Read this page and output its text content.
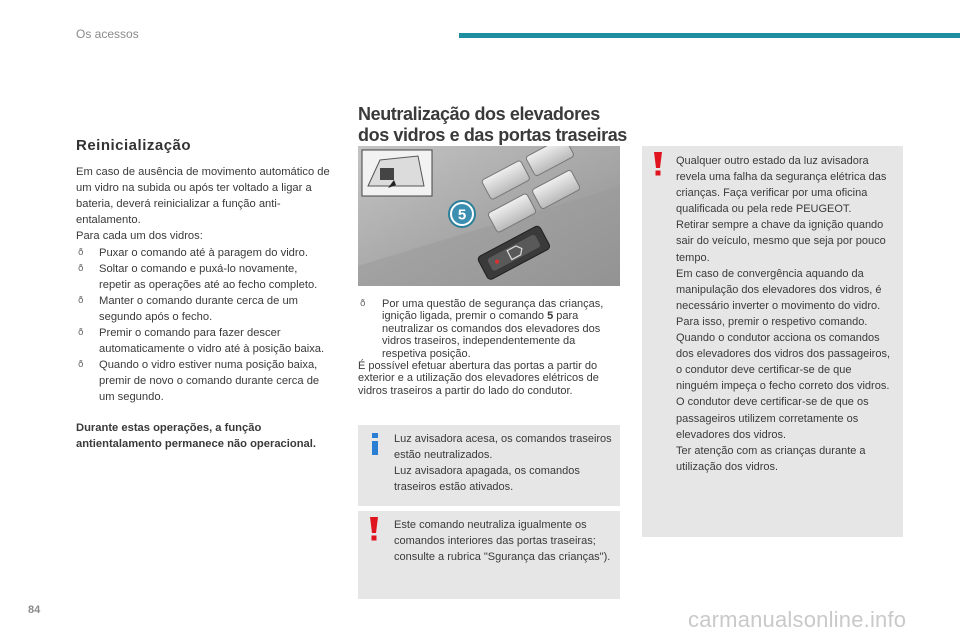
Os acessos
Reinicialização

Em caso de ausência de movimento automático de um vidro na subida ou após ter voltado a ligar a bateria, deverá reinicializar a função anti-entalamento.

Para cada um dos vidros:

ð Puxar o comando até à paragem do vidro.
ð Soltar o comando e puxá-lo novamente, repetir as operações até ao fecho completo.
ð Manter o comando durante cerca de um segundo após o fecho.
ð Premir o comando para fazer descer automaticamente o vidro até à posição baixa.
ð Quando o vidro estiver numa posição baixa, premir de novo o comando durante cerca de um segundo.

Durante estas operações, a função antientalamento permanece não operacional.

Neutralização dos elevadores
dos vidros e das portas traseiras
5
ð Por uma questão de segurança das crianças, ignição ligada, premir o comando 5 para neutralizar os comandos dos elevadores dos vidros traseiros, independentemente da respetiva posição.

É possível efetuar abertura das portas a partir do exterior e a utilização dos elevadores elétricos de vidros traseiros a partir do lado do condutor.

Luz avisadora acesa, os comandos traseiros estão neutralizados.

Luz avisadora apagada, os comandos traseiros estão ativados.

Este comando neutraliza igualmente os comandos interiores das portas traseiras; consulte a rubrica "Sgurança das crianças").

Qualquer outro estado da luz avisadora revela uma falha da segurança elétrica das crianças. Faça verificar por uma oficina qualificada ou pela rede PEUGEOT.

Retirar sempre a chave da ignição quando sair do veículo, mesmo que seja por pouco tempo.

Em caso de convergência aquando da manipulação dos elevadores dos vidros, é necessário inverter o movimento do vidro. Para isso, premir o respetivo comando.

Quando o condutor acciona os comandos dos elevadores dos vidros dos passageiros, o condutor deve certificar-se de que ninguém impeça o fecho correto dos vidros.

O condutor deve certificar-se de que os passageiros utilizem corretamente os elevadores dos vidros.

Ter atenção com as crianças durante a utilização dos vidros.

84	carmanualsonline.info
